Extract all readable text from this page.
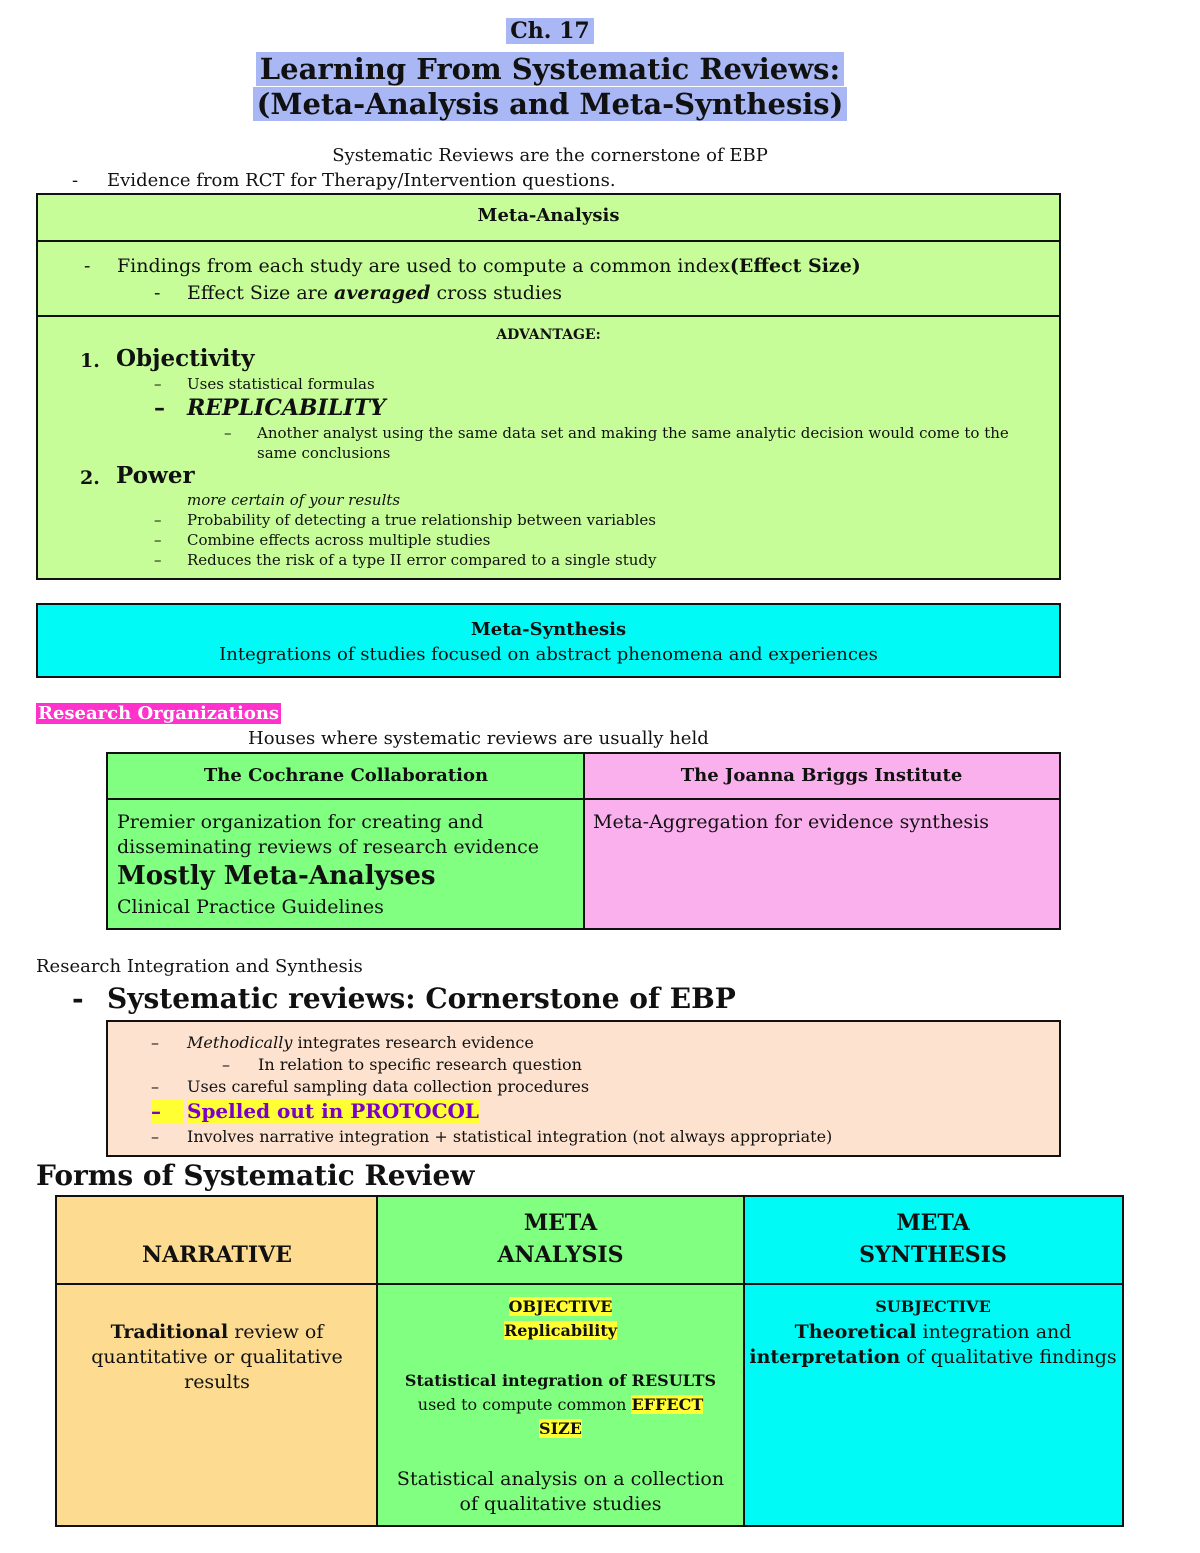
Ch. 17
Learning From Systematic Reviews:
(Meta-Analysis and Meta-Synthesis)
Systematic Reviews are the cornerstone of EBP
- Evidence from RCT for Therapy/Intervention questions.
Meta-Analysis
- Findings from each study are used to compute a common index(Effect Size)
- Effect Size are averaged cross studies
ADVANTAGE:
1. Objectivity
– Uses statistical formulas
– REPLICABILITY
– Another analyst using the same data set and making the same analytic decision would come to the
same conclusions
2. Power
more certain of your results
– Probability of detecting a true relationship between variables
– Combine effects across multiple studies
– Reduces the risk of a type II error compared to a single study
Meta-Synthesis
Integrations of studies focused on abstract phenomena and experiences
Research Organizations
Houses where systematic reviews are usually held
The Cochrane Collaboration	The Joanna Briggs Institute
Premier organization for creating and
disseminating reviews of research evidence
Mostly Meta-Analyses
Clinical Practice Guidelines
Meta-Aggregation for evidence synthesis
Research Integration and Synthesis
- Systematic reviews: Cornerstone of EBP
– Methodically integrates research evidence
– In relation to specific research question
– Uses careful sampling data collection procedures
–	Spelled out in PROTOCOL
– Involves narrative integration + statistical integration (not always appropriate)
Forms of Systematic Review
NARRATIVE
META
ANALYSIS
META
SYNTHESIS
Traditional review of
quantitative or qualitative
results
OBJECTIVE
Replicability
Statistical integration of RESULTS
used to compute common EFFECT
SIZE
Statistical analysis on a collection
of qualitative studies
SUBJECTIVE
Theoretical integration and
interpretation of qualitative findings
